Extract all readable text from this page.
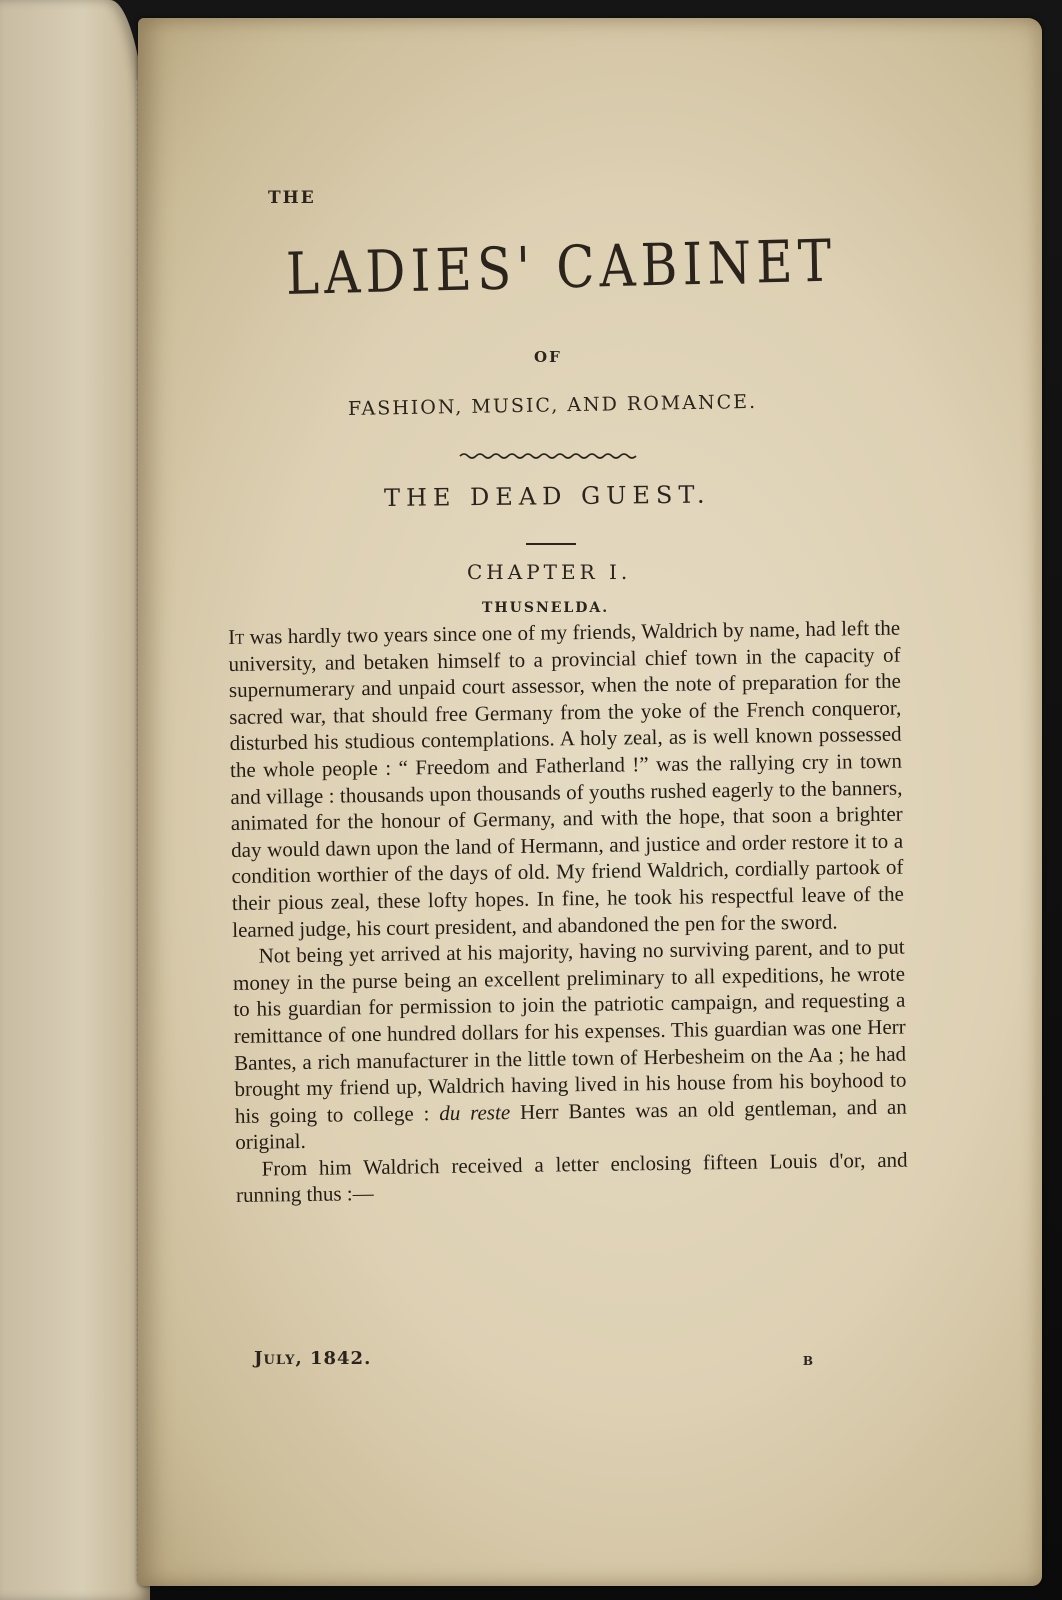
THE
LADIES' CABINET
OF
FASHION, MUSIC, AND ROMANCE.
THE DEAD GUEST.
CHAPTER I.
THUSNELDA.

It was hardly two years since one of my friends, Waldrich by name, had left the university, and betaken himself to a provincial chief town in the capacity of supernumerary and unpaid court assessor, when the note of preparation for the sacred war, that should free Germany from the yoke of the French conqueror, disturbed his studious contemplations. A holy zeal, as is well known possessed the whole people : “ Freedom and Fatherland !” was the rallying cry in town and village : thousands upon thousands of youths rushed eagerly to the banners, animated for the honour of Germany, and with the hope, that soon a brighter day would dawn upon the land of Hermann, and justice and order restore it to a condition worthier of the days of old. My friend Waldrich, cordially partook of their pious zeal, these lofty hopes. In fine, he took his respectful leave of the learned judge, his court president, and abandoned the pen for the sword.

Not being yet arrived at his majority, having no surviving parent, and to put money in the purse being an excellent preliminary to all expeditions, he wrote to his guardian for permission to join the patriotic campaign, and requesting a remittance of one hundred dollars for his expenses. This guardian was one Herr Bantes, a rich manufacturer in the little town of Herbesheim on the Aa ; he had brought my friend up, Waldrich having lived in his house from his boyhood to his going to college : du reste Herr Bantes was an old gentleman, and an original.

From him Waldrich received a letter enclosing fifteen Louis d'or, and running thus :—

July, 1842.	B
